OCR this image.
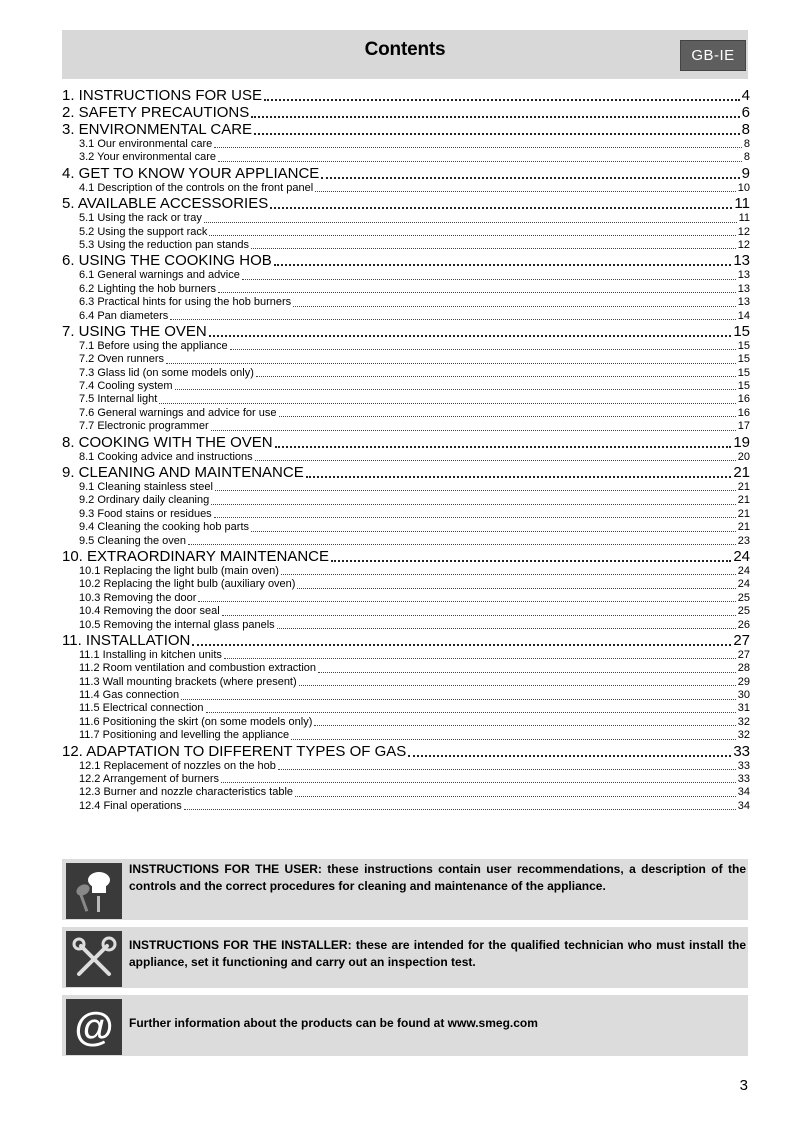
Contents	GB-IE
1. INSTRUCTIONS FOR USE	4
2. SAFETY PRECAUTIONS	6
3. ENVIRONMENTAL CARE	8
3.1 Our environmental care	8
3.2 Your environmental care	8
4. GET TO KNOW YOUR APPLIANCE	9
4.1 Description of the controls on the front panel	10
5. AVAILABLE ACCESSORIES	11
5.1 Using the rack or tray	11
5.2 Using the support rack	12
5.3 Using the reduction pan stands	12
6. USING THE COOKING HOB	13
6.1 General warnings and advice	13
6.2 Lighting the hob burners	13
6.3 Practical hints for using the hob burners	13
6.4 Pan diameters	14
7. USING THE OVEN	15
7.1 Before using the appliance	15
7.2 Oven runners	15
7.3 Glass lid (on some models only)	15
7.4 Cooling system	15
7.5 Internal light	16
7.6 General warnings and advice for use	16
7.7 Electronic programmer	17
8. COOKING WITH THE OVEN	19
8.1 Cooking advice and instructions	20
9. CLEANING AND MAINTENANCE	21
9.1 Cleaning stainless steel	21
9.2 Ordinary daily cleaning	21
9.3 Food stains or residues	21
9.4 Cleaning the cooking hob parts	21
9.5 Cleaning the oven	23
10. EXTRAORDINARY MAINTENANCE	24
10.1 Replacing the light bulb (main oven)	24
10.2 Replacing the light bulb (auxiliary oven)	24
10.3 Removing the door	25
10.4 Removing the door seal	25
10.5 Removing the internal glass panels	26
11. INSTALLATION	27
11.1 Installing in kitchen units	27
11.2 Room ventilation and combustion extraction	28
11.3 Wall mounting brackets (where present)	29
11.4 Gas connection	30
11.5 Electrical connection	31
11.6 Positioning the skirt (on some models only)	32
11.7 Positioning and levelling the appliance	32
12. ADAPTATION TO DIFFERENT TYPES OF GAS	33
12.1 Replacement of nozzles on the hob	33
12.2 Arrangement of burners	33
12.3 Burner and nozzle characteristics table	34
12.4 Final operations	34
INSTRUCTIONS FOR THE USER: these instructions contain user recommendations, a description of the controls and the correct procedures for cleaning and maintenance of the appliance.
INSTRUCTIONS FOR THE INSTALLER: these are intended for the qualified technician who must install the appliance, set it functioning and carry out an inspection test.
@ Further information about the products can be found at www.smeg.com
3
